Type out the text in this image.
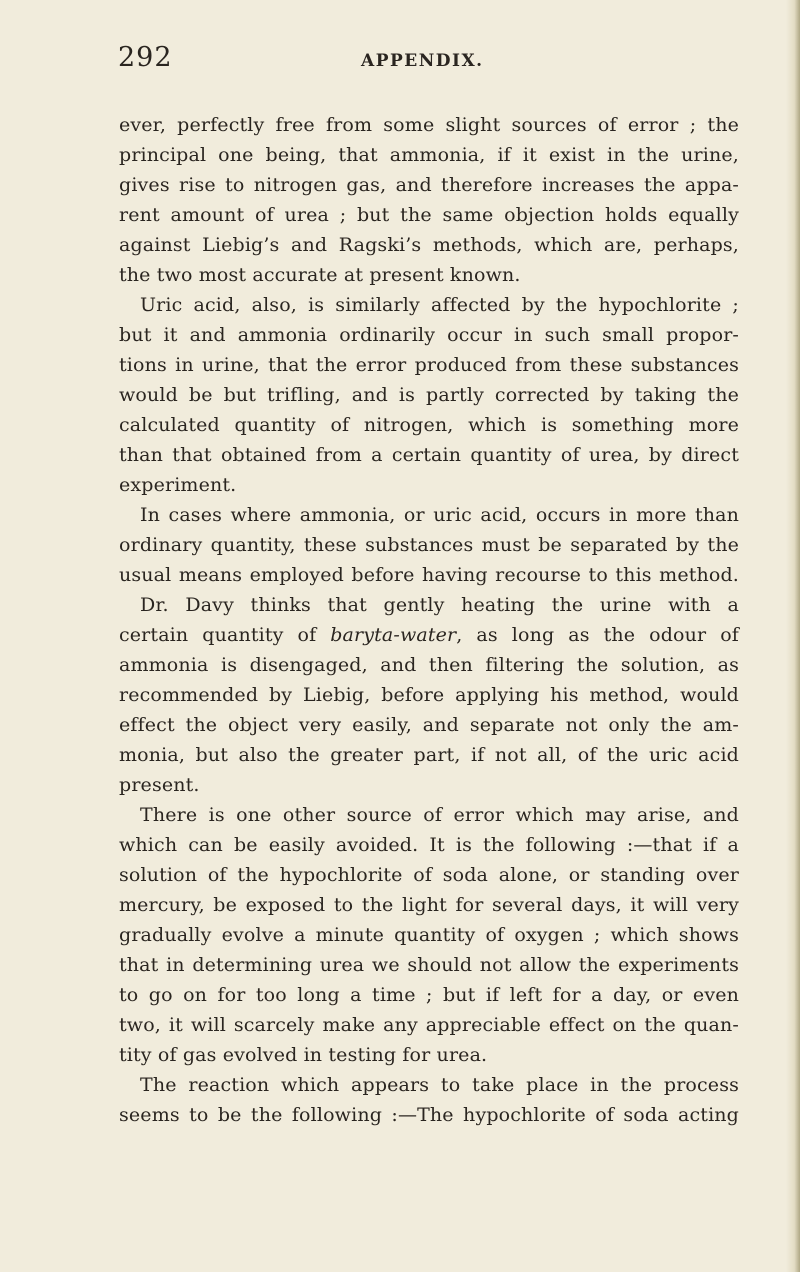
292	APPENDIX.
ever, perfectly free from some slight sources of error ; the
principal one being, that ammonia, if it exist in the urine,
gives rise to nitrogen gas, and therefore increases the appa-
rent amount of urea ; but the same objection holds equally
against Liebig’s and Ragski’s methods, which are, perhaps,
the two most accurate at present known.
Uric acid, also, is similarly affected by the hypochlorite ;
but it and ammonia ordinarily occur in such small propor-
tions in urine, that the error produced from these substances
would be but trifling, and is partly corrected by taking the
calculated quantity of nitrogen, which is something more
than that obtained from a certain quantity of urea, by direct
experiment.
In cases where ammonia, or uric acid, occurs in more than
ordinary quantity, these substances must be separated by the
usual means employed before having recourse to this method.
Dr. Davy thinks that gently heating the urine with a
certain quantity of baryta-water, as long as the odour of
ammonia is disengaged, and then filtering the solution, as
recommended by Liebig, before applying his method, would
effect the object very easily, and separate not only the am-
monia, but also the greater part, if not all, of the uric acid
present.
There is one other source of error which may arise, and
which can be easily avoided. It is the following :—that if a
solution of the hypochlorite of soda alone, or standing over
mercury, be exposed to the light for several days, it will very
gradually evolve a minute quantity of oxygen ; which shows
that in determining urea we should not allow the experiments
to go on for too long a time ; but if left for a day, or even
two, it will scarcely make any appreciable effect on the quan-
tity of gas evolved in testing for urea.
The reaction which appears to take place in the process
seems to be the following :—The hypochlorite of soda acting
